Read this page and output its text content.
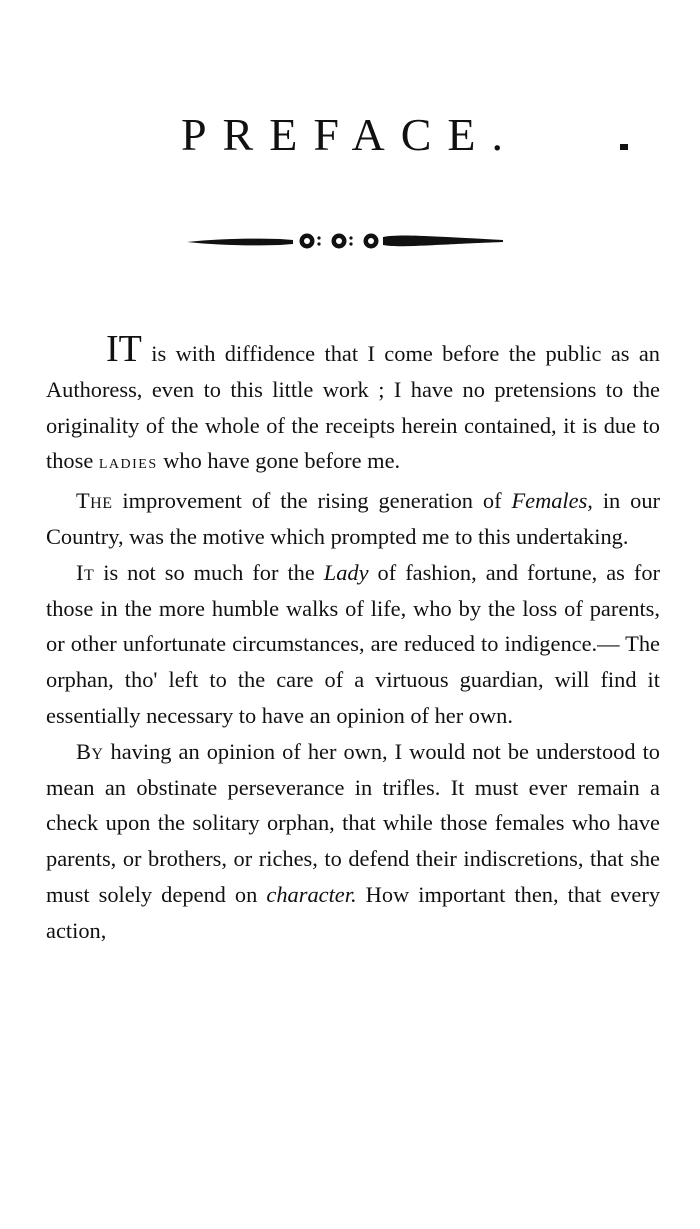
PREFACE.

IT is with diffidence that I come before the public as an Authoress, even to this little work ; I have no pretensions to the originality of the whole of the receipts herein contained, it is due to those LADIES who have gone before me.

The improvement of the rising generation of Females, in our Country, was the motive which prompted me to this undertaking.

It is not so much for the Lady of fashion, and fortune, as for those in the more humble walks of life, who by the loss of parents, or other unfortunate circumstances, are reduced to indigence.— The orphan, tho' left to the care of a virtuous guardian, will find it essentially necessary to have an opinion of her own.

By having an opinion of her own, I would not be understood to mean an obstinate perseverance in trifles. It must ever remain a check upon the solitary orphan, that while those females who have parents, or brothers, or riches, to defend their indiscretions, that she must solely depend on character. How important then, that every action,
